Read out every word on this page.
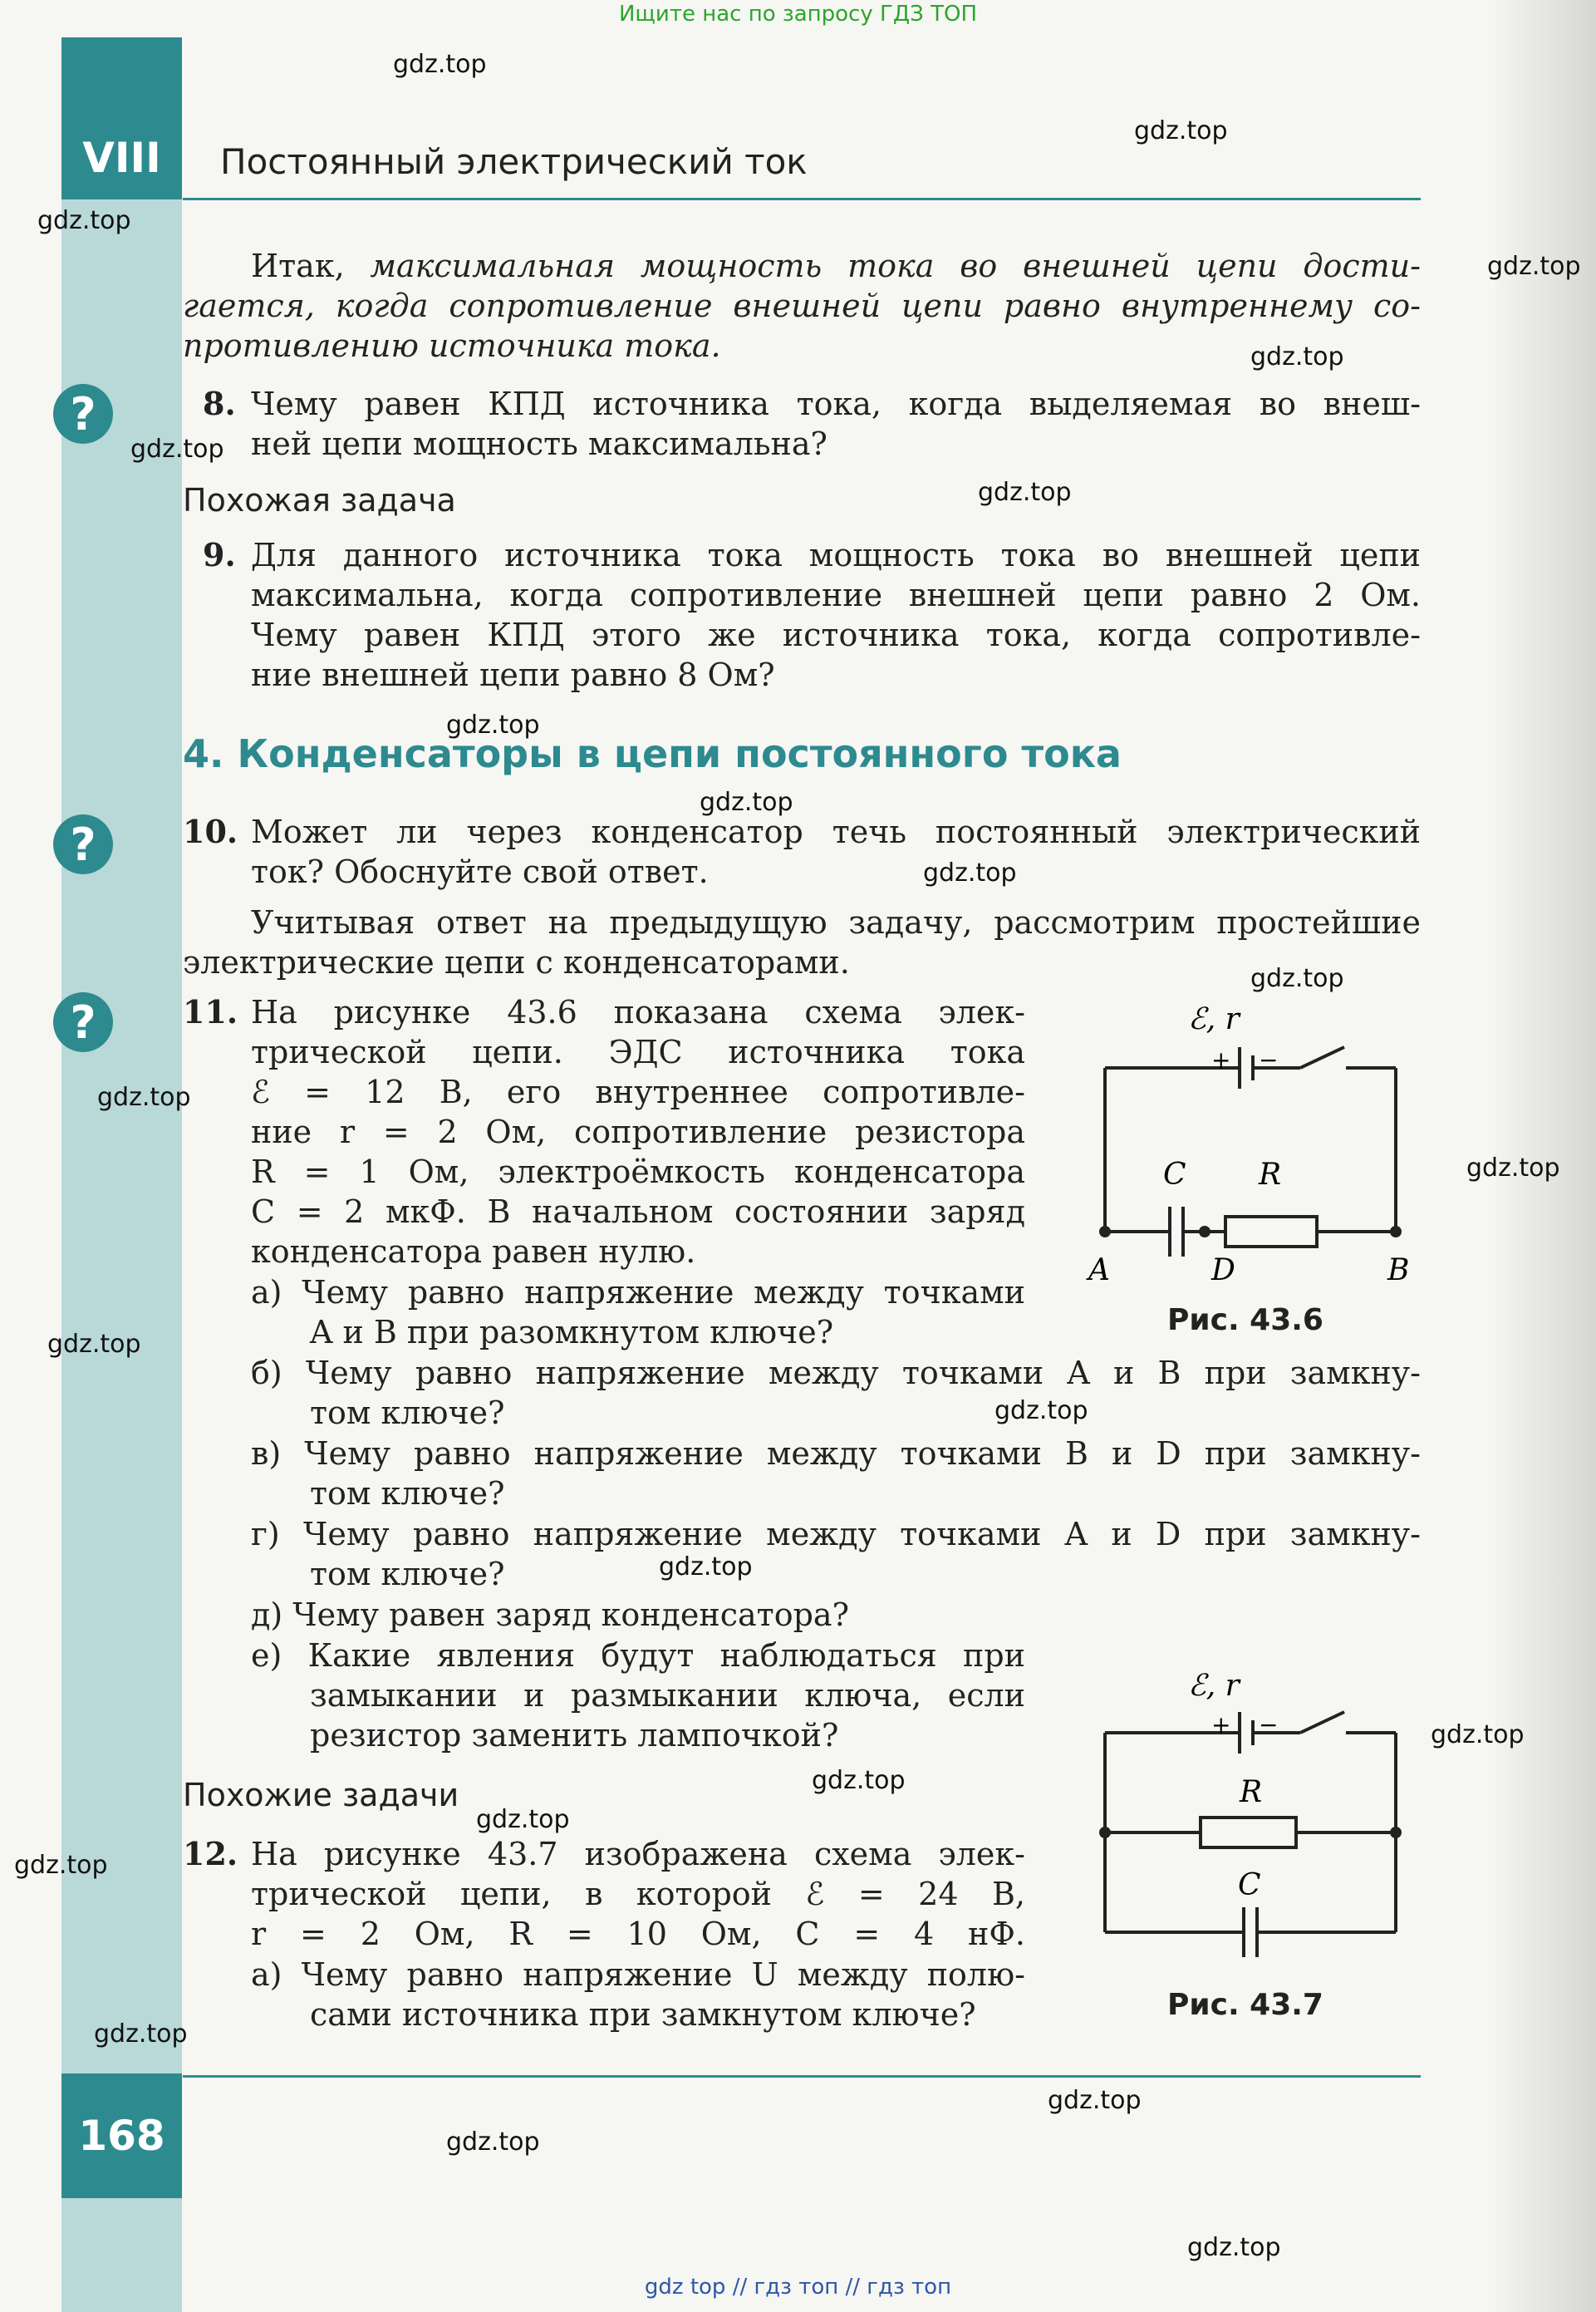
VIII Постоянный электрический ток
168
Ищите нас по запросу ГДЗ ТОП
gdz top // гдз топ // гдз топ
?
?
?
Итак, максимальная мощность тока во внешней цепи дости-
гается, когда сопротивление внешней цепи равно внутреннему со-
противлению источника тока.
8. Чему равен КПД источника тока, когда выделяемая во внеш-
ней цепи мощность максимальна?
Похожая задача
9. Для данного источника тока мощность тока во внешней цепи
максимальна, когда сопротивление внешней цепи равно 2 Ом.
Чему равен КПД этого же источника тока, когда сопротивле-
ние внешней цепи равно 8 Ом?
4. Конденсаторы в цепи постоянного тока
10. Может ли через конденсатор течь постоянный электрический
ток? Обоснуйте свой ответ.
Учитывая ответ на предыдущую задачу, рассмотрим простейшие
электрические цепи с конденсаторами.
11. На рисунке 43.6 показана схема элек-
трической цепи. ЭДС источника тока
ℰ = 12 В, его внутреннее сопротивле-
ние r = 2 Ом, сопротивление резистора
R = 1 Ом, электроёмкость конденсатора
C = 2 мкФ. В начальном состоянии заряд
конденсатора равен нулю.
а) Чему равно напряжение между точками
A и B при разомкнутом ключе?
б) Чему равно напряжение между точками A и B при замкну-
том ключе?
в) Чему равно напряжение между точками B и D при замкну-
том ключе?
г) Чему равно напряжение между точками A и D при замкну-
том ключе?
д) Чему равен заряд конденсатора?
е) Какие явления будут наблюдаться при
замыкании и размыкании ключа, если
резистор заменить лампочкой?
Похожие задачи
12. На рисунке 43.7 изображена схема элек-
трической цепи, в которой ℰ = 24 В,
r = 2 Ом, R = 10 Ом, C = 4 нФ.
а) Чему равно напряжение U между полю-
сами источника при замкнутом ключе?
ℰ, r
+ −
C R
A	D	B
Рис. 43.6
ℰ, r
+ −
R
C
Рис. 43.7
gdz.top
gdz.top
gdz.top
gdz.top
gdz.top
gdz.top
gdz.top
gdz.top
gdz.top
gdz.top
gdz.top
gdz.top
gdz.top
gdz.top
gdz.top
gdz.top
gdz.top
gdz.top
gdz.top
gdz.top
gdz.top
gdz.top
gdz.top
gdz.top
